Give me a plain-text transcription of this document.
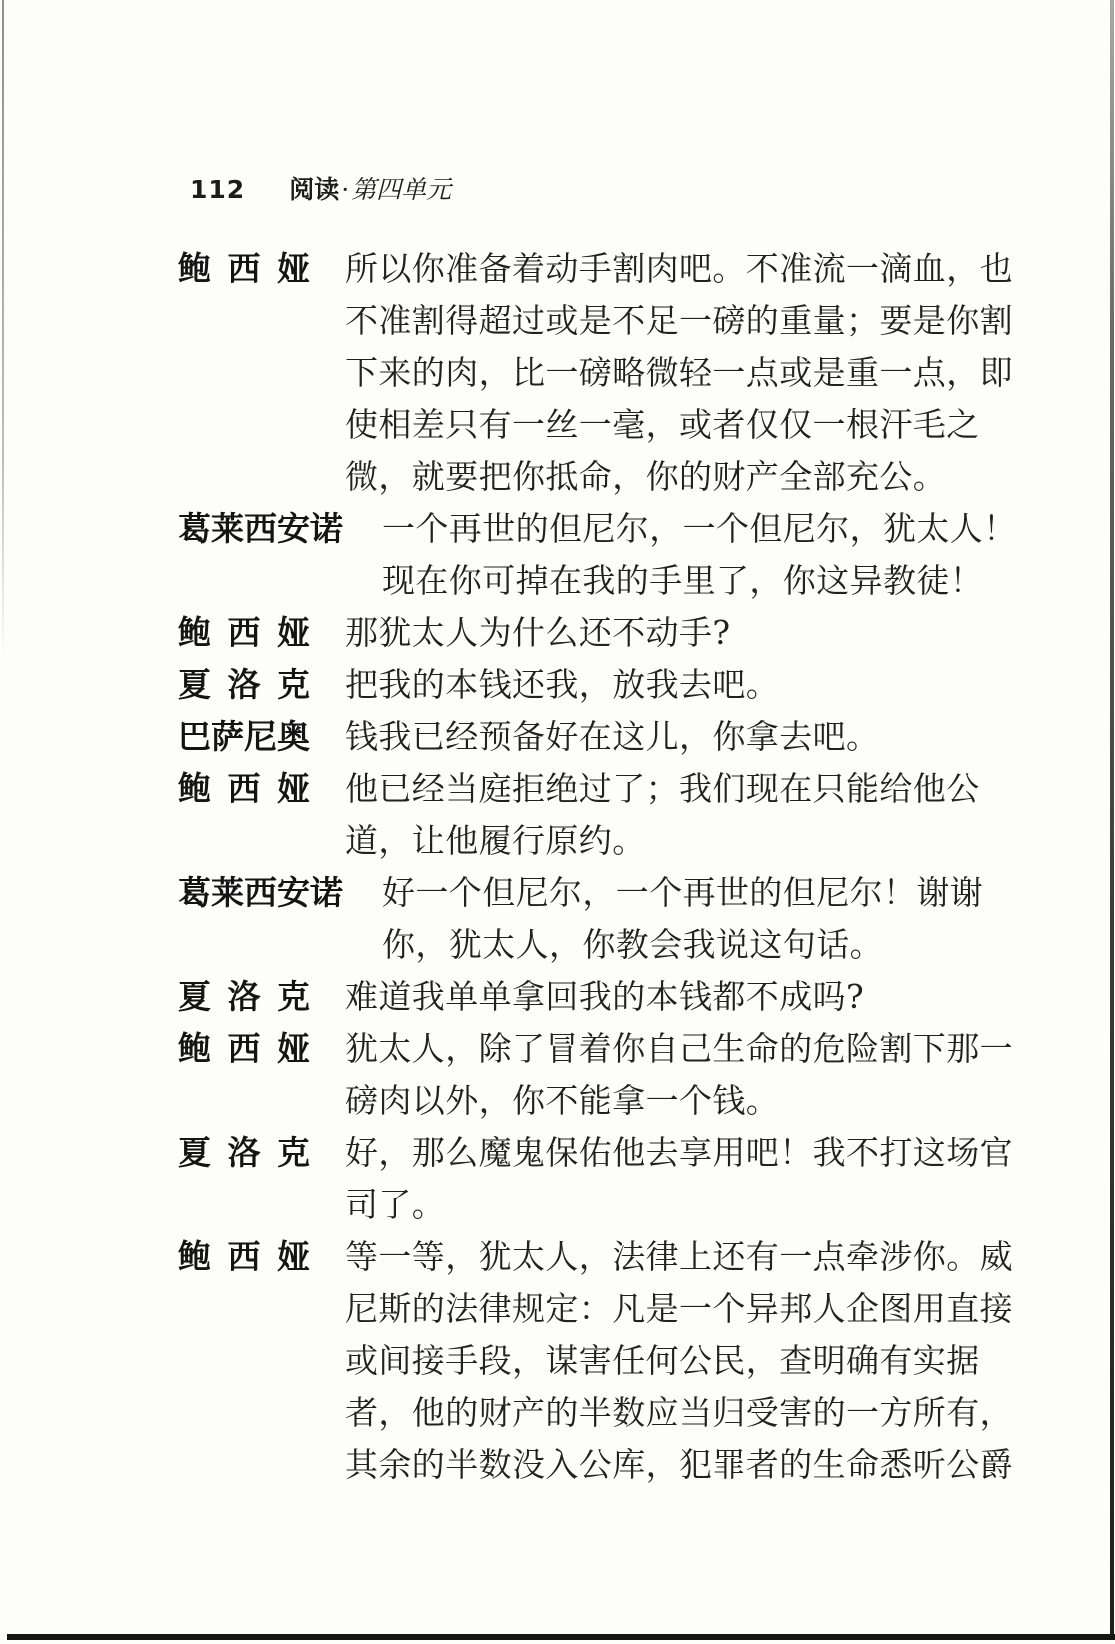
112 阅读·第四单元
鲍 西 娅 所以你准备着动手割肉吧。不准流一滴血，也
不准割得超过或是不足一磅的重量；要是你割
下来的肉，比一磅略微轻一点或是重一点，即
使相差只有一丝一毫，或者仅仅一根汗毛之
微，就要把你抵命，你的财产全部充公。
葛 莱 西 安 诺 一个再世的但尼尔，一个但尼尔，犹太人！
现在你可掉在我的手里了，你这异教徒！
鲍 西 娅 那犹太人为什么还不动手?
夏 洛 克 把我的本钱还我，放我去吧。
巴 萨 尼 奥 钱我已经预备好在这儿，你拿去吧。
鲍 西 娅 他已经当庭拒绝过了；我们现在只能给他公
道，让他履行原约。
葛 莱 西 安 诺 好一个但尼尔，一个再世的但尼尔！谢谢
你，犹太人，你教会我说这句话。
夏 洛 克 难道我单单拿回我的本钱都不成吗?
鲍 西 娅 犹太人，除了冒着你自己生命的危险割下那一
磅肉以外，你不能拿一个钱。
夏 洛 克 好，那么魔鬼保佑他去享用吧！我不打这场官
司了。
鲍 西 娅 等一等，犹太人，法律上还有一点牵涉你。威
尼斯的法律规定：凡是一个异邦人企图用直接
或间接手段，谋害任何公民，查明确有实据
者，他的财产的半数应当归受害的一方所有，
其余的半数没入公库，犯罪者的生命悉听公爵
